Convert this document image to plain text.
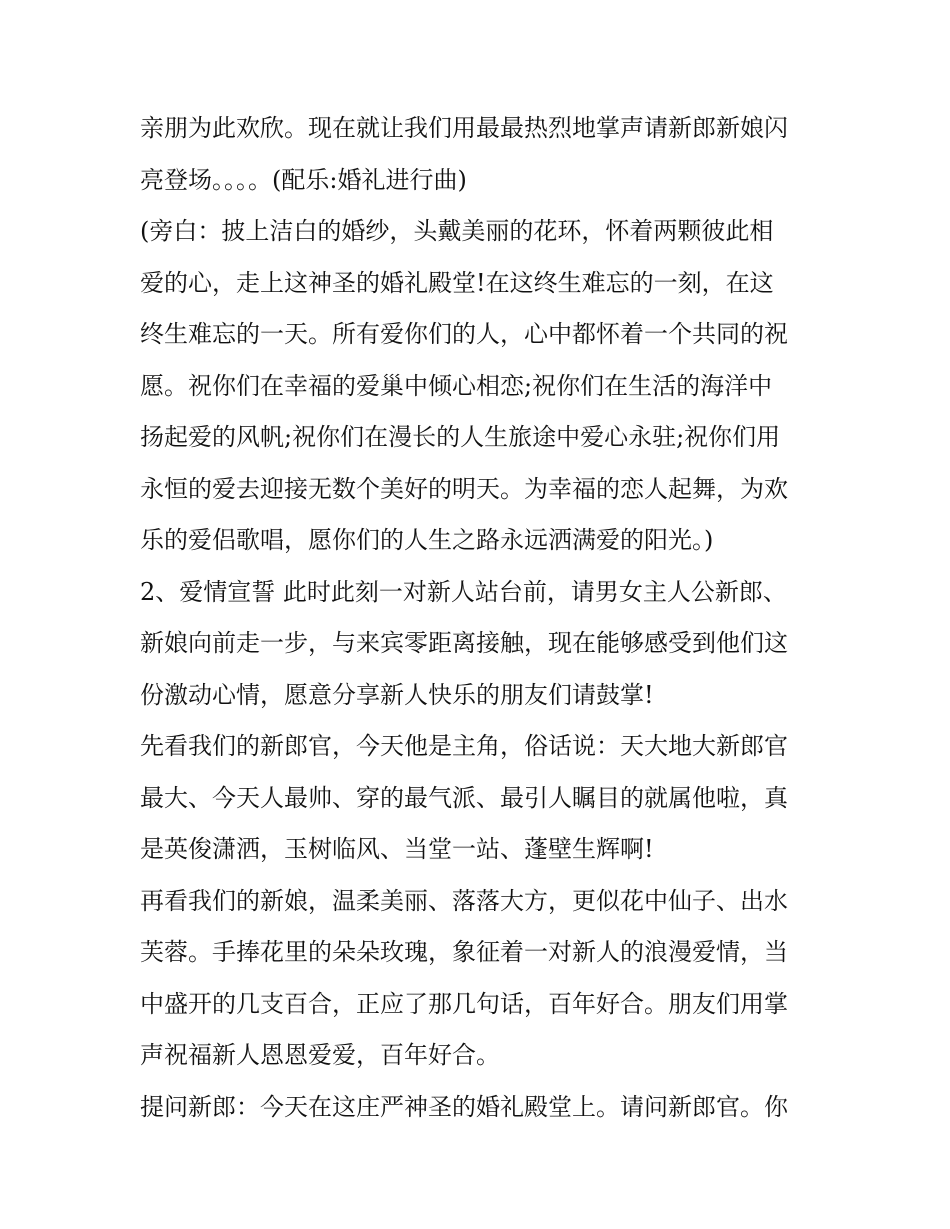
亲朋为此欢欣。现在就让我们用最最热烈地掌声请新郎新娘闪
亮登场。。。。(配乐:婚礼进行曲)
(旁白：披上洁白的婚纱，头戴美丽的花环，怀着两颗彼此相
爱的心，走上这神圣的婚礼殿堂!在这终生难忘的一刻，在这
终生难忘的一天。所有爱你们的人，心中都怀着一个共同的祝
愿。祝你们在幸福的爱巢中倾心相恋;祝你们在生活的海洋中
扬起爱的风帆;祝你们在漫长的人生旅途中爱心永驻;祝你们用
永恒的爱去迎接无数个美好的明天。为幸福的恋人起舞，为欢
乐的爱侣歌唱，愿你们的人生之路永远洒满爱的阳光。)
2、爱情宣誓 此时此刻一对新人站台前，请男女主人公新郎、
新娘向前走一步，与来宾零距离接触，现在能够感受到他们这
份激动心情，愿意分享新人快乐的朋友们请鼓掌!
先看我们的新郎官，今天他是主角，俗话说：天大地大新郎官
最大、今天人最帅、穿的最气派、最引人瞩目的就属他啦，真
是英俊潇洒，玉树临风、当堂一站、蓬壁生辉啊!
再看我们的新娘，温柔美丽、落落大方，更似花中仙子、出水
芙蓉。手捧花里的朵朵玫瑰，象征着一对新人的浪漫爱情，当
中盛开的几支百合，正应了那几句话，百年好合。朋友们用掌
声祝福新人恩恩爱爱，百年好合。
提问新郎：今天在这庄严神圣的婚礼殿堂上。请问新郎官。你
